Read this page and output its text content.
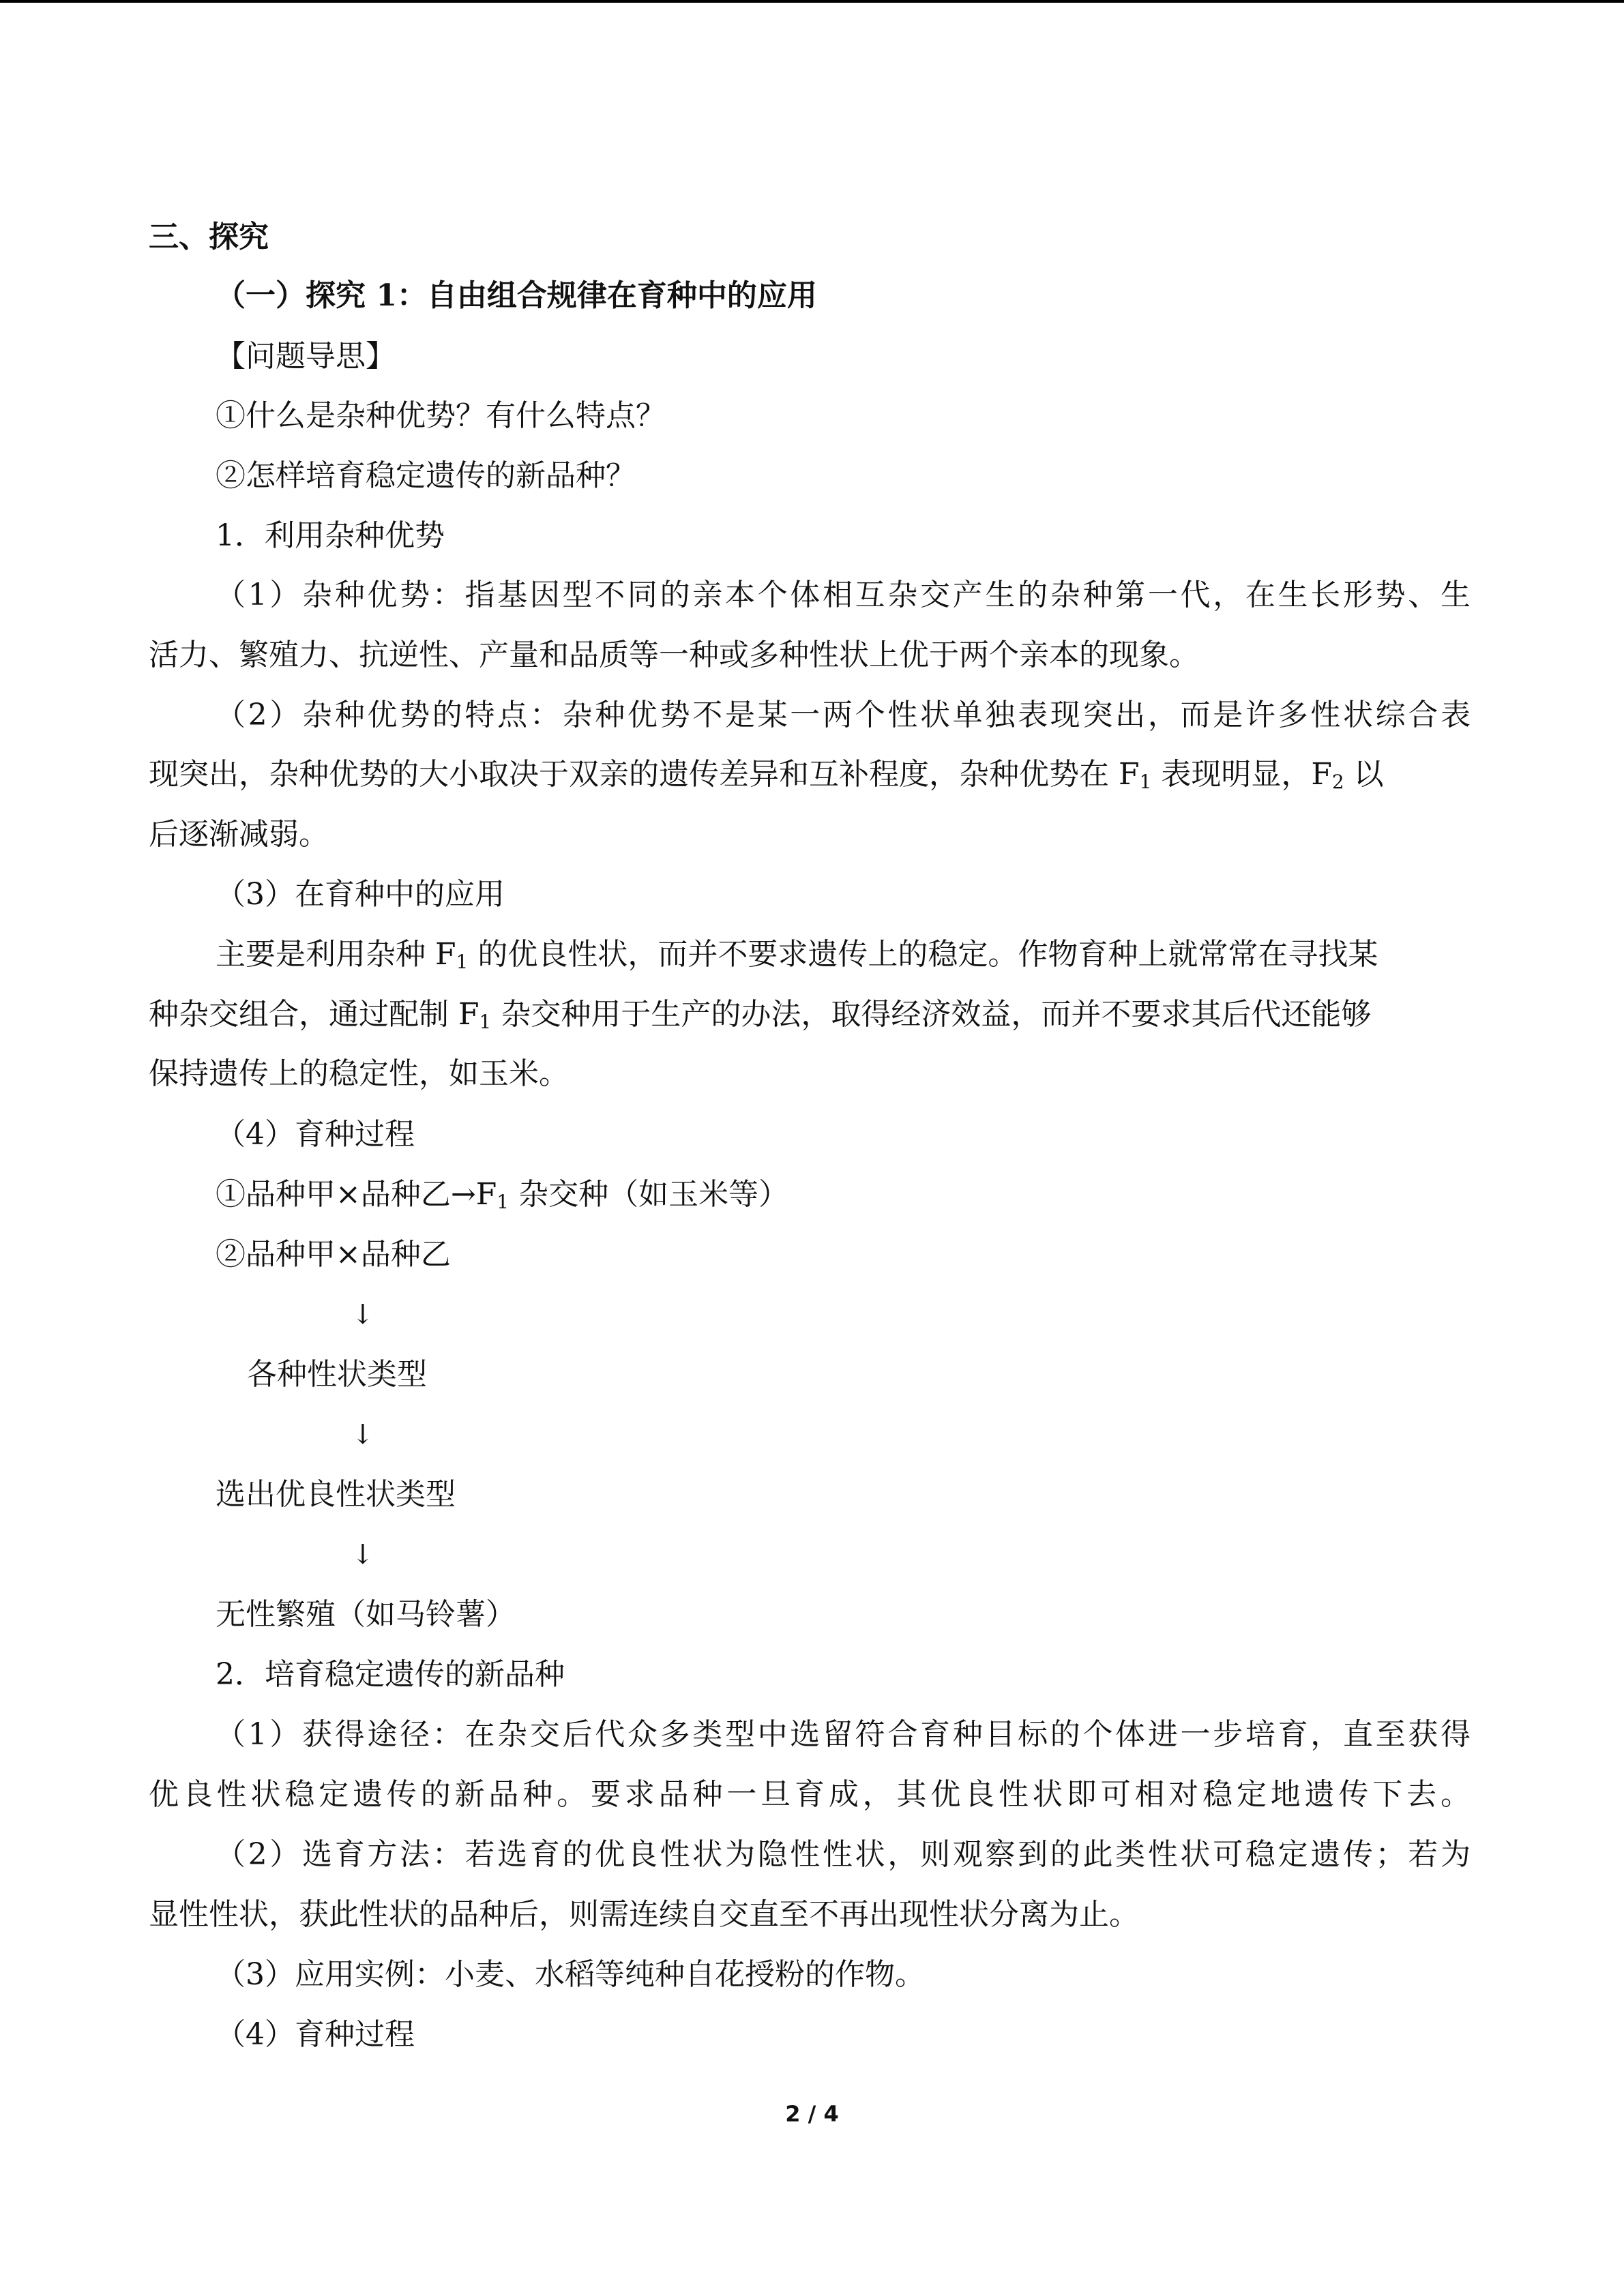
三、探究

（一）探究 1：自由组合规律在育种中的应用

【问题导思】

①什么是杂种优势？有什么特点？

②怎样培育稳定遗传的新品种？

1．利用杂种优势

（1）杂种优势：指基因型不同的亲本个体相互杂交产生的杂种第一代，在生长形势、生

活力、繁殖力、抗逆性、产量和品质等一种或多种性状上优于两个亲本的现象。

（2）杂种优势的特点：杂种优势不是某一两个性状单独表现突出，而是许多性状综合表

现突出，杂种优势的大小取决于双亲的遗传差异和互补程度，杂种优势在 $F_1$ 表现明显，$F_2$ 以

后逐渐减弱。

（3）在育种中的应用

主要是利用杂种 $F_1$ 的优良性状，而并不要求遗传上的稳定。作物育种上就常常在寻找某

种杂交组合，通过配制 $F_1$ 杂交种用于生产的办法，取得经济效益，而并不要求其后代还能够

保持遗传上的稳定性，如玉米。

（4）育种过程

①品种甲×品种乙$\to F_1$ 杂交种（如玉米等）

②品种甲×品种乙

↓

各种性状类型

↓

选出优良性状类型

↓

无性繁殖（如马铃薯）

2．培育稳定遗传的新品种

（1）获得途径：在杂交后代众多类型中选留符合育种目标的个体进一步培育，直至获得

优良性状稳定遗传的新品种。要求品种一旦育成，其优良性状即可相对稳定地遗传下去。

（2）选育方法：若选育的优良性状为隐性性状，则观察到的此类性状可稳定遗传；若为

显性性状，获此性状的品种后，则需连续自交直至不再出现性状分离为止。

（3）应用实例：小麦、水稻等纯种自花授粉的作物。

（4）育种过程

2 / 4
